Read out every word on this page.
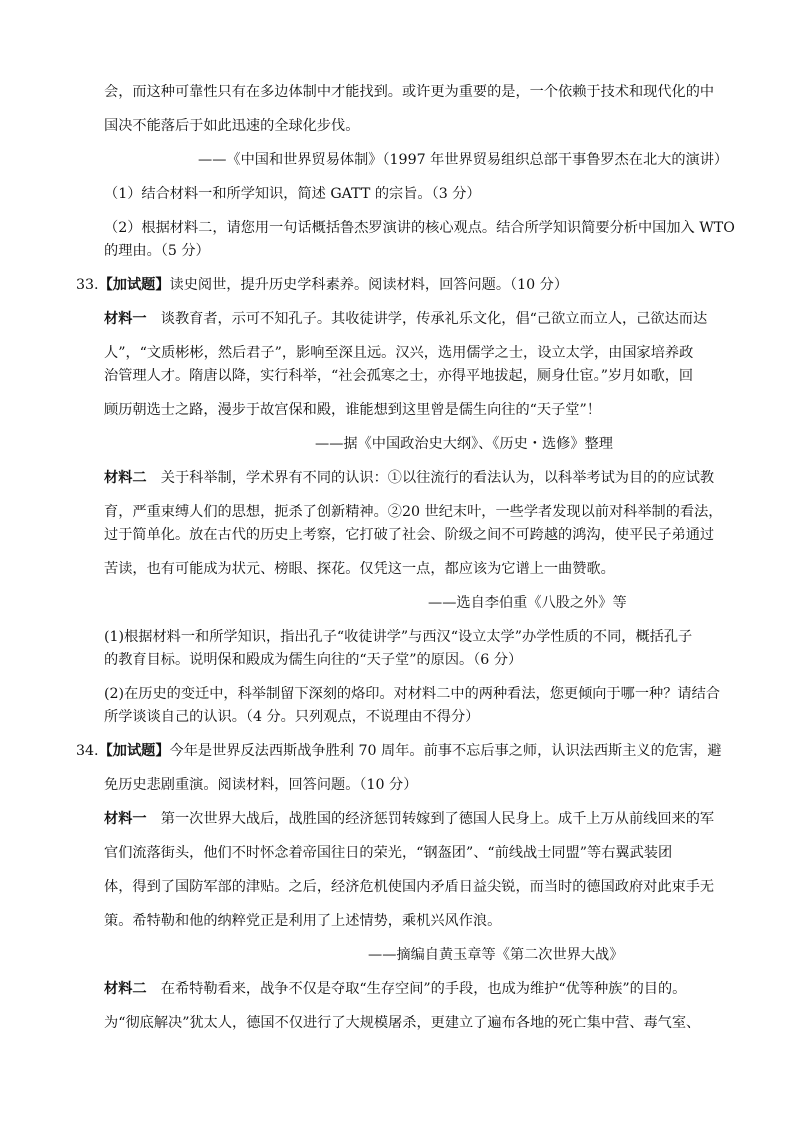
会，而这种可靠性只有在多边体制中才能找到。或许更为重要的是，一个依赖于技术和现代化的中
国决不能落后于如此迅速的全球化步伐。
——《中国和世界贸易体制》（1997 年世界贸易组织总部干事鲁罗杰在北大的演讲）
（1）结合材料一和所学知识，简述 GATT 的宗旨。（3 分）
（2）根据材料二，请您用一句话概括鲁杰罗演讲的核心观点。结合所学知识简要分析中国加入 WTO
的理由。（5 分）
33.【加试题】读史阅世，提升历史学科素养。阅读材料，回答问题。（10 分）
材料一  谈教育者，示可不知孔子。其收徒讲学，传承礼乐文化，倡“己欲立而立人，己欲达而达
人”，“文质彬彬，然后君子”，影响至深且远。汉兴，选用儒学之士，设立太学，由国家培养政
治管理人才。隋唐以降，实行科举，“社会孤寒之士，亦得平地拔起，厕身仕宦。”岁月如歌，回
顾历朝选士之路，漫步于故宫保和殿，谁能想到这里曾是儒生向往的“天子堂”！
——据《中国政治史大纲》、《历史・选修》整理
材料二  关于科举制，学术界有不同的认识：①以往流行的看法认为，以科举考试为目的的应试教
育，严重束缚人们的思想，扼杀了创新精神。②20 世纪末叶，一些学者发现以前对科举制的看法，
过于简单化。放在古代的历史上考察，它打破了社会、阶级之间不可跨越的鸿沟，使平民子弟通过
苦读，也有可能成为状元、榜眼、探花。仅凭这一点，都应该为它谱上一曲赞歌。
——选自李伯重《八股之外》等
(1)根据材料一和所学知识，指出孔子“收徒讲学”与西汉“设立太学”办学性质的不同，概括孔子
的教育目标。说明保和殿成为儒生向往的“天子堂”的原因。（6 分）
(2)在历史的变迁中，科举制留下深刻的烙印。对材料二中的两种看法，您更倾向于哪一种？请结合
所学谈谈自己的认识。（4 分。只列观点，不说理由不得分）
34.【加试题】今年是世界反法西斯战争胜利 70 周年。前事不忘后事之师，认识法西斯主义的危害，避
免历史悲剧重演。阅读材料，回答问题。（10 分）
材料一  第一次世界大战后，战胜国的经济惩罚转嫁到了德国人民身上。成千上万从前线回来的军
官们流落街头，他们不时怀念着帝国往日的荣光，“钢盔团”、“前线战士同盟”等右翼武装团
体，得到了国防军部的津贴。之后，经济危机使国内矛盾日益尖锐，而当时的德国政府对此束手无
策。希特勒和他的纳粹党正是利用了上述情势，乘机兴风作浪。
——摘编自黄玉章等《第二次世界大战》
材料二  在希特勒看来，战争不仅是夺取“生存空间”的手段，也成为维护“优等种族”的目的。
为“彻底解决”犹太人，德国不仅进行了大规模屠杀，更建立了遍布各地的死亡集中营、毒气室、
